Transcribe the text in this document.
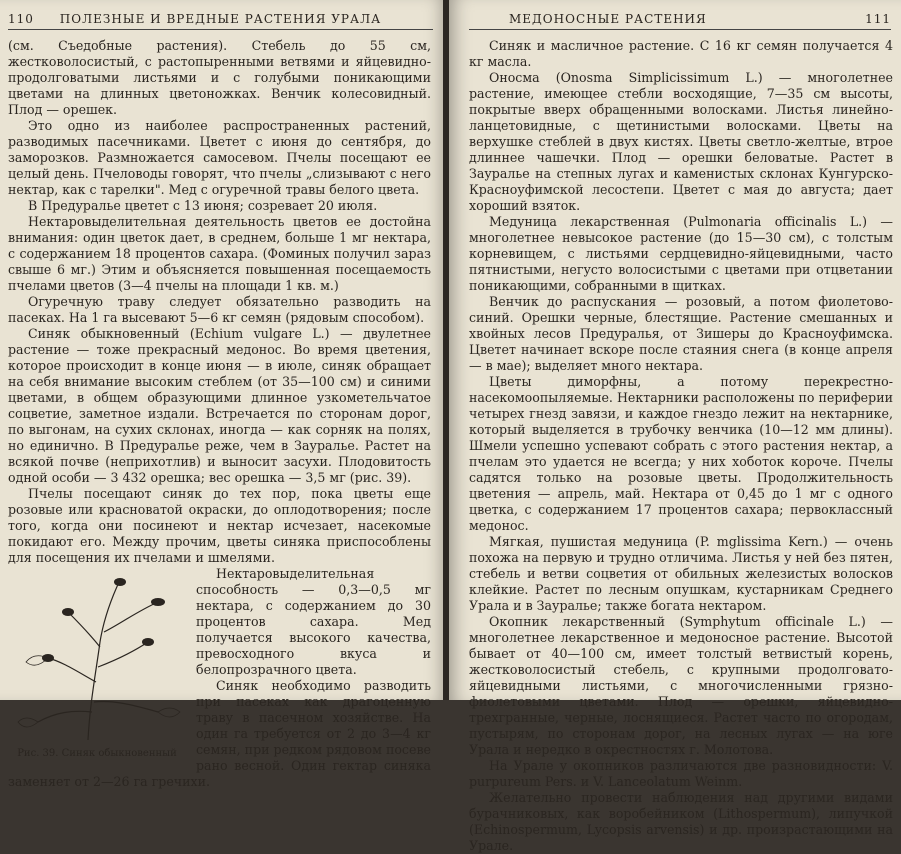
110	ПОЛЕЗНЫЕ И ВРЕДНЫЕ РАСТЕНИЯ УРАЛА

(см. Съедобные растения). Стебель до 55 см, жестковолосистый, с растопыренными ветвями и яйцевидно-продолговатыми листьями и с голубыми поникающими цветами на длинных цветоножках. Венчик колесовидный. Плод — орешек.

Это одно из наиболее распространенных растений, разводимых пасечниками. Цветет с июня до сентября, до заморозков. Размножается самосевом. Пчелы посещают ее целый день. Пчеловоды говорят, что пчелы „слизывают с него нектар, как с тарелки". Мед с огуречной травы белого цвета.

В Предуралье цветет с 13 июня; созревает 20 июля.

Нектаровыделительная деятельность цветов ее достойна внимания: один цветок дает, в среднем, больше 1 мг нектара, с содержанием 18 процентов сахара. (Фоминых получил зараз свыше 6 мг.) Этим и объясняется повышенная посещаемость пчелами цветов (3—4 пчелы на площади 1 кв. м.)

Огуречную траву следует обязательно разводить на пасеках. На 1 га высевают 5—6 кг семян (рядовым способом).

Синяк обыкновенный (Echium vulgare L.) — двулетнее растение — тоже прекрасный медонос. Во время цветения, которое происходит в конце июня — в июле, синяк обращает на себя внимание высоким стеблем (от 35—100 см) и синими цветами, в общем образующими длинное узкометельчатое соцветие, заметное издали. Встречается по сторонам дорог, по выгонам, на сухих склонах, иногда — как сорняк на полях, но единично. В Предуралье реже, чем в Зауралье. Растет на всякой почве (неприхотлив) и выносит засухи. Плодовитость одной особи — 3 432 орешка; вес орешка — 3,5 мг (рис. 39).

Пчелы посещают синяк до тех пор, пока цветы еще розовые или красноватой окраски, до оплодотворения; после того, когда они посинеют и нектар исчезает, насекомые покидают его. Между прочим, цветы синяка приспособлены для посещения их пчелами и шмелями.

Рис. 39. Синяк обыкновенный

Нектаровыделительная способность — 0,3—0,5 мг нектара, с содержанием до 30 процентов сахара. Мед получается высокого качества, превосходного вкуса и белопрозрачного цвета.

Синяк необходимо разводить при пасеках как драгоценную траву в пасечном хозяйстве. На один га требуется от 2 до 3—4 кг семян, при редком рядовом посеве рано весной. Один гектар синяка заменяет от 2—26 га гречихи.

МЕДОНОСНЫЕ РАСТЕНИЯ	111

Синяк и масличное растение. С 16 кг семян получается 4 кг масла.

Оносма (Onosma Simplicissimum L.) — многолетнее растение, имеющее стебли восходящие, 7—35 см высоты, покрытые вверх обращенными волосками. Листья линейно-ланцетовидные, с щетинистыми волосками. Цветы на верхушке стеблей в двух кистях. Цветы светло-желтые, втрое длиннее чашечки. Плод — орешки беловатые. Растет в Зауралье на степных лугах и каменистых склонах Кунгурско-Красноуфимской лесостепи. Цветет с мая до августа; дает хороший взяток.

Медуница лекарственная (Pulmonaria officinalis L.) — многолетнее невысокое растение (до 15—30 см), с толстым корневищем, с листьями сердцевидно-яйцевидными, часто пятнистыми, негусто волосистыми с цветами при отцветании поникающими, собранными в щитках.

Венчик до распускания — розовый, а потом фиолетово-синий. Орешки черные, блестящие. Растение смешанных и хвойных лесов Предуралья, от Зишеры до Красноуфимска. Цветет начинает вскоре после стаяния снега (в конце апреля — в мае); выделяет много нектара.

Цветы диморфны, а потому перекрестно-насекомоопыляемые. Нектарники расположены по периферии четырех гнезд завязи, и каждое гнездо лежит на нектарнике, который выделяется в трубочку венчика (10—12 мм длины). Шмели успешно успевают собрать с этого растения нектар, а пчелам это удается не всегда; у них хоботок короче. Пчелы садятся только на розовые цветы. Продолжительность цветения — апрель, май. Нектара от 0,45 до 1 мг с одного цветка, с содержанием 17 процентов сахара; первоклассный медонос.

Мягкая, пушистая медуница (P. mglissima Kern.) — очень похожа на первую и трудно отличима. Листья у ней без пятен, стебель и ветви соцветия от обильных железистых волосков клейкие. Растет по лесным опушкам, кустарникам Среднего Урала и в Зауралье; также богата нектаром.

Окопник лекарственный (Symphytum officinale L.) — многолетнее лекарственное и медоносное растение. Высотой бывает от 40—100 см, имеет толстый ветвистый корень, жестковолосистый стебель, с крупными продолговато-яйцевидными листьями, с многочисленными грязно-фиолетовыми цветами. Плод — орешки, яйцевидно-трехгранные, черные, лоснящиеся. Растет часто по огородам, пустырям, по сторонам дорог, на лесных лугах — на юге Урала и нередко в окрестностях г. Молотова.

На Урале у окопников различаются две разновидности: V. purpureum Pers. и V. Lanceolatum Weinm.

Желательно провести наблюдения над другими видами бурачниковых, как воробейником (Lithospermum), липучкой (Echinospermum, Lycopsis arvensis) и др. произрастающими на Урале.
